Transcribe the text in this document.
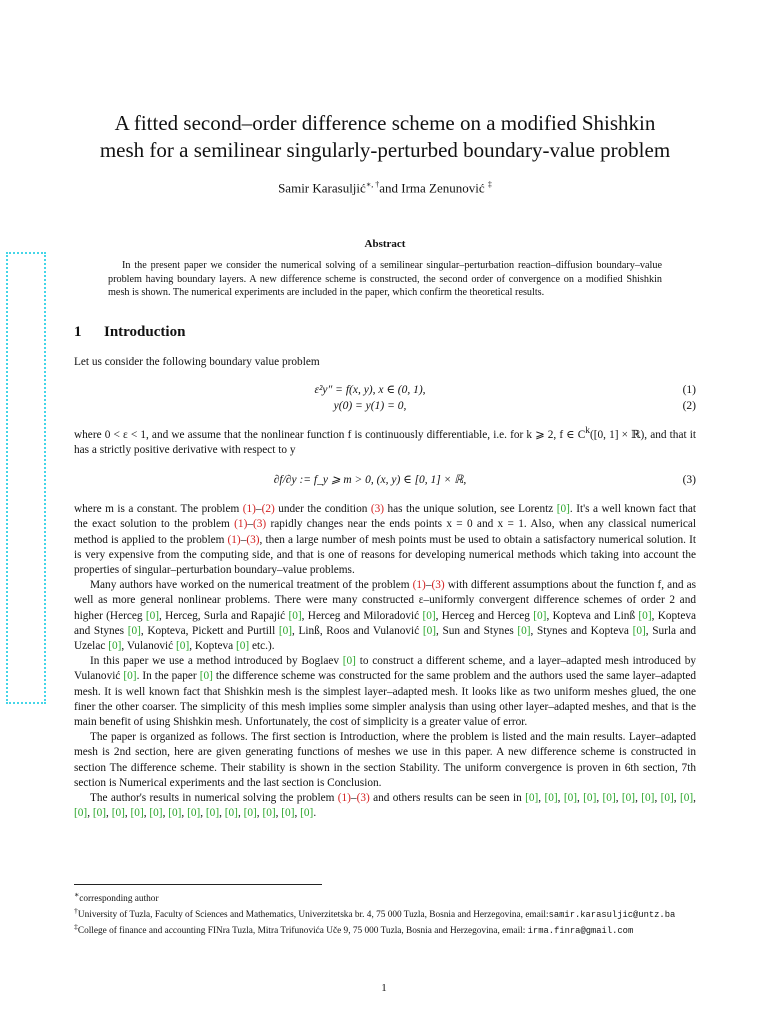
A fitted second–order difference scheme on a modified Shishkin
mesh for a semilinear singularly-perturbed boundary-value problem
Samir Karasuljić∗, †and Irma Zenunović ‡
Abstract
In the present paper we consider the numerical solving of a semilinear singular–perturbation reaction–diffusion boundary–value problem having boundary layers. A new difference scheme is constructed, the second order of convergence on a modified Shishkin mesh is shown. The numerical experiments are included in the paper, which confirm the theoretical results.
1 Introduction

Let us consider the following boundary value problem

ε²y″ = f(x, y), x ∈ (0, 1),	(1)
y(0) = y(1) = 0,	(2)

where 0 < ε < 1, and we assume that the nonlinear function f is continuously differentiable, i.e. for k ⩾ 2, f ∈ $C^k([0$, 1] × ℝ), and that it has a strictly positive derivative with respect to y

∂f/∂y := f_y ⩾ m > 0, (x, y) ∈ [0, 1] × ℝ,	(3)

where m is a constant. The problem (1)–(2) under the condition (3) has the unique solution, see Lorentz [0]. It's a well known fact that the exact solution to the problem (1)–(3) rapidly changes near the ends points x = 0 and x = 1. Also, when any classical numerical method is applied to the problem (1)–(3), then a large number of mesh points must be used to obtain a satisfactory numerical solution. It is very expensive from the computing side, and that is one of reasons for developing numerical methods which taking into account the properties of singular–perturbation boundary–value problems.

Many authors have worked on the numerical treatment of the problem (1)–(3) with different assumptions about the function f, and as well as more general nonlinear problems. There were many constructed ε–uniformly convergent difference schemes of order 2 and higher (Herceg [0], Herceg, Surla and Rapajić [0], Herceg and Miloradović [0], Herceg and Herceg [0], Kopteva and Linß [0], Kopteva and Stynes [0], Kopteva, Pickett and Purtill [0], Linß, Roos and Vulanović [0], Sun and Stynes [0], Stynes and Kopteva [0], Surla and Uzelac [0], Vulanović [0], Kopteva [0] etc.).

In this paper we use a method introduced by Boglaev [0] to construct a different scheme, and a layer–adapted mesh introduced by Vulanović [0]. In the paper [0] the difference scheme was constructed for the same problem and the authors used the same layer–adapted mesh. It is well known fact that Shishkin mesh is the simplest layer–adapted mesh. It looks like as two uniform meshes glued, the one finer the other coarser. The simplicity of this mesh implies some simpler analysis than using other layer–adapted meshes, and that is the main benefit of using Shishkin mesh. Unfortunately, the cost of simplicity is a greater value of error.

The paper is organized as follows. The first section is Introduction, where the problem is listed and the main results. Layer–adapted mesh is 2nd section, here are given generating functions of meshes we use in this paper. A new difference scheme is constructed in section The difference scheme. Their stability is shown in the section Stability. The uniform convergence is proven in 6th section, 7th section is Numerical experiments and the last section is Conclusion.

The author's results in numerical solving the problem (1)–(3) and others results can be seen in [0], [0], [0], [0], [0], [0], [0], [0], [0], [0], [0], [0], [0], [0], [0], [0], [0], [0], [0], [0], [0], [0].

∗corresponding author
†University of Tuzla, Faculty of Sciences and Mathematics, Univerzitetska br. 4, 75 000 Tuzla, Bosnia and Herzegovina, email:samir.karasuljic@untz.ba
‡College of finance and accounting FINra Tuzla, Mitra Trifunovića Uče 9, 75 000 Tuzla, Bosnia and Herzegovina, email: irma.finra@gmail.com
1
